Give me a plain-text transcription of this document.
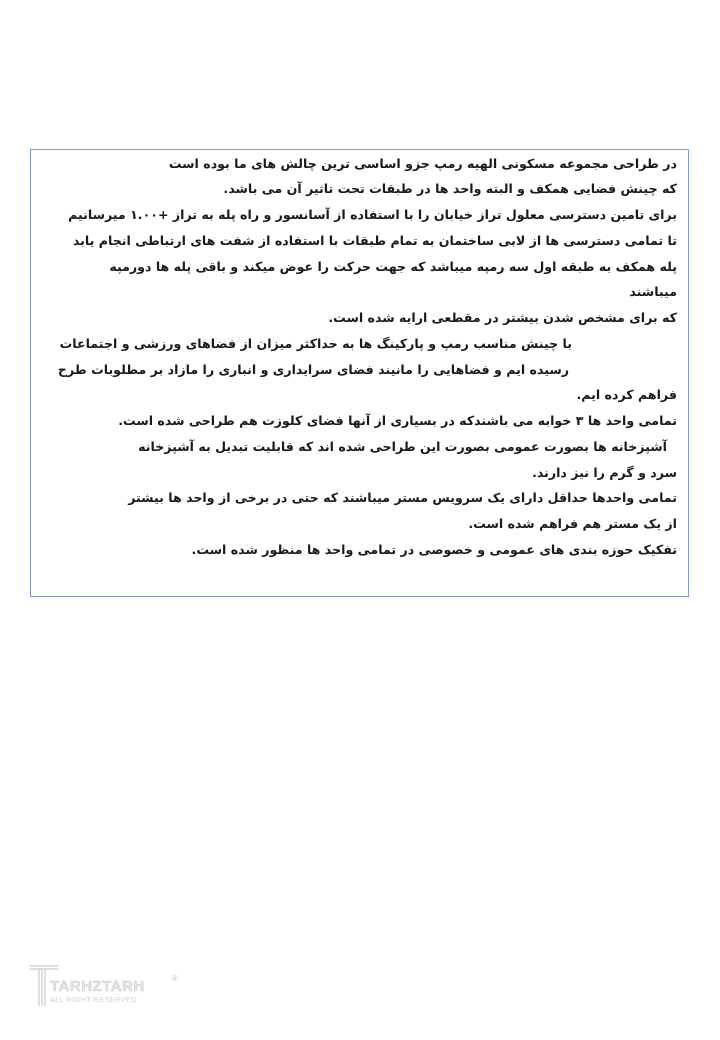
در طراحی مجموعه مسکونی الهیه رمپ جزو اساسی ترین چالش های ما بوده است
که چینش فضایی همکف و البته واحد ها در طبقات تحت تاثیر آن می باشد.
برای تامین دسترسی معلول تراز خیابان را با استفاده از آسانسور و راه پله به تراز +۱.۰۰ میرسانیم
تا تمامی دسترسی ها از لابی ساختمان به تمام طبقات با استفاده از شفت های ارتباطی انجام یابد
پله همکف به طبقه اول سه رمپه میباشد که جهت حرکت را عوض میکند و باقی پله ها دورمپه
میباشند
که برای مشخص شدن بیشتر در مقطعی ارایه شده است.
با چینش مناسب رمپ و پارکینگ ها به حداکثر میزان از فضاهای ورزشی و اجتماعات
رسیده ایم و فضاهایی را مانیند فضای سرایداری و انباری را مازاد بر مطلوبات طرح
فراهم کرده ایم.
تمامی واحد ها ۳ خوابه می باشندکه در بسیاری از آنها فضای کلوزت هم طراحی شده است.
آشپزخانه ها بصورت عمومی بصورت این طراحی شده اند که قابلیت تبدیل به آشپزخانه
سرد و گرم را نیز دارند.
تمامی واحدها حداقل دارای یک سرویس مستر میباشند که حتی در برخی از واحد ها بیشتر
از یک مستر هم فراهم شده است.
تفکیک حوزه بندی های عمومی و خصوصی در تمامی واحد ها منظور شده است.
TARHZTARH	®
ALL RIGHT RESERVED
